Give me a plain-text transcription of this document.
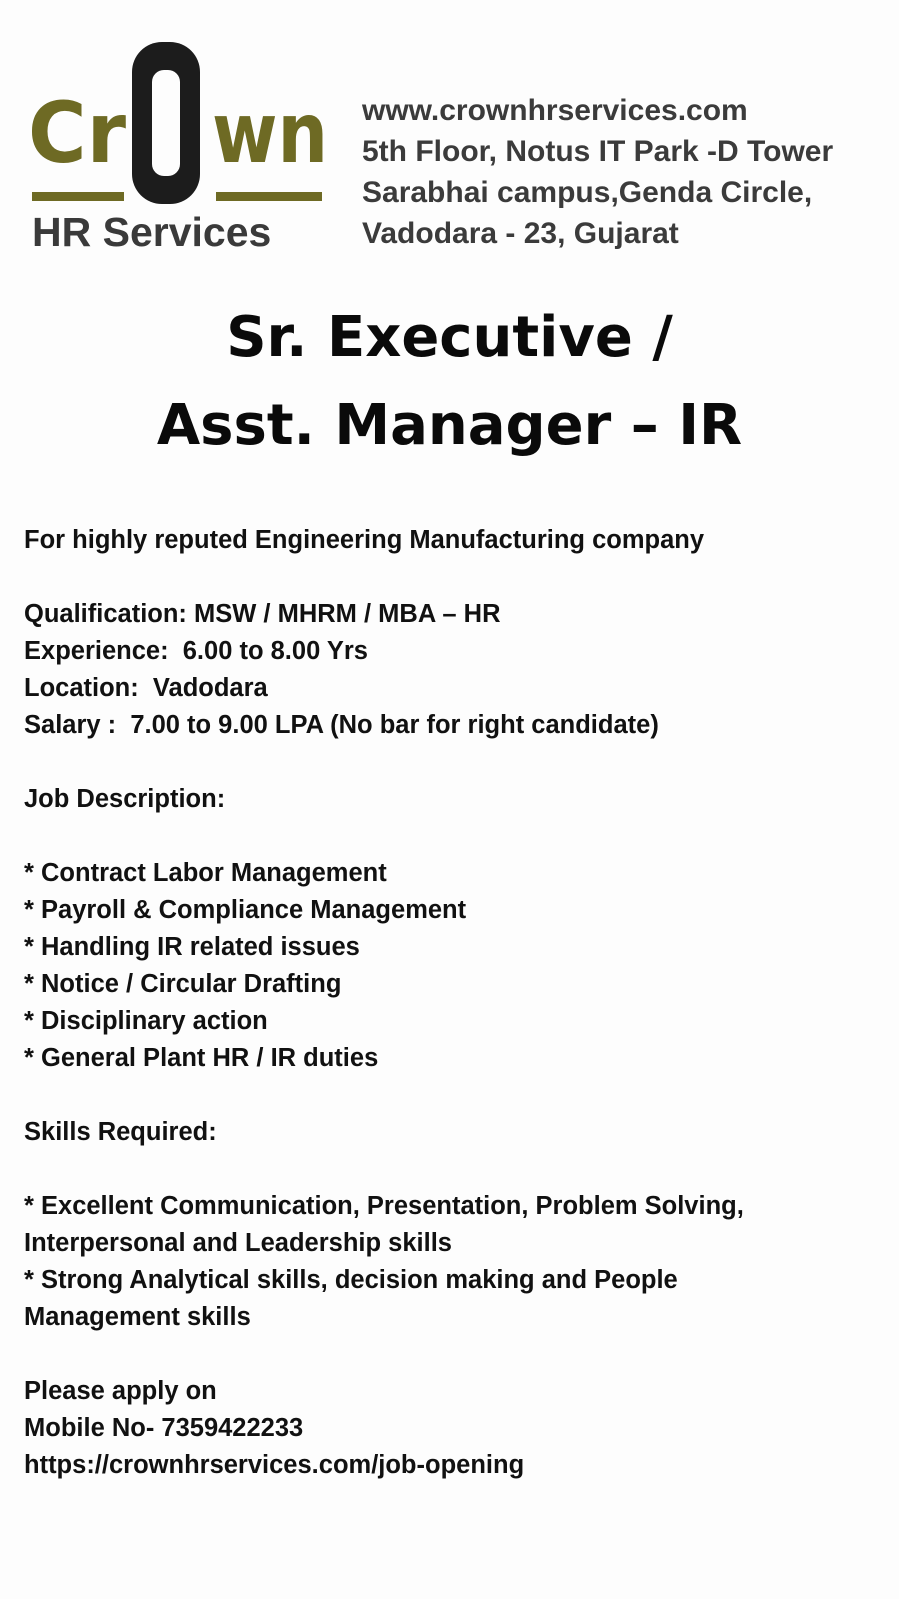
Cr wn
HR Services
www.crownhrservices.com
5th Floor, Notus IT Park -D Tower
Sarabhai campus,Genda Circle,
Vadodara - 23, Gujarat
Sr. Executive /
Asst. Manager – IR
For highly reputed Engineering Manufacturing company
Qualification: MSW / MHRM / MBA – HR
Experience: 6.00 to 8.00 Yrs
Location: Vadodara
Salary : 7.00 to 9.00 LPA (No bar for right candidate)
Job Description:
* Contract Labor Management
* Payroll & Compliance Management
* Handling IR related issues
* Notice / Circular Drafting
* Disciplinary action
* General Plant HR / IR duties
Skills Required:
* Excellent Communication, Presentation, Problem Solving,
Interpersonal and Leadership skills
* Strong Analytical skills, decision making and People
Management skills
Please apply on
Mobile No- 7359422233
https://crownhrservices.com/job-opening
